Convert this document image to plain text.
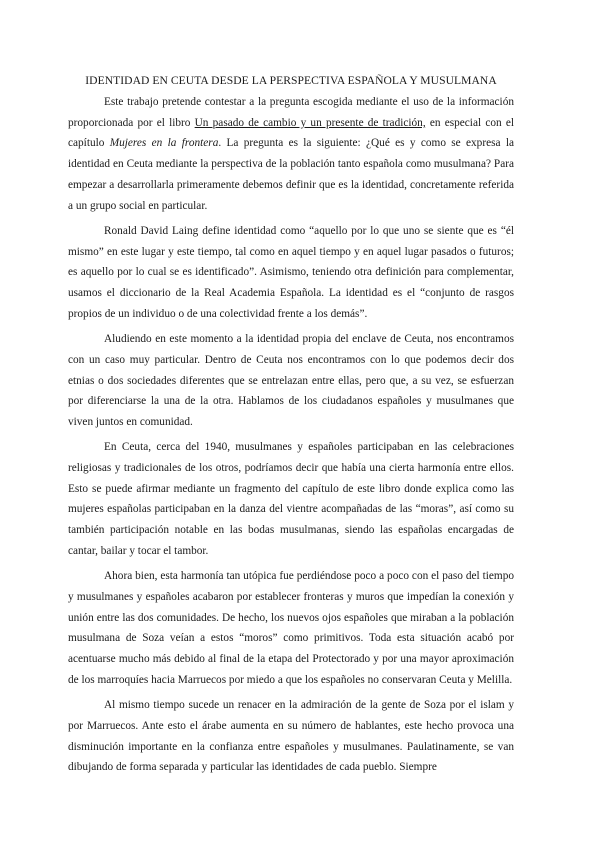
IDENTIDAD EN CEUTA DESDE LA PERSPECTIVA ESPAÑOLA Y MUSULMANA

Este trabajo pretende contestar a la pregunta escogida mediante el uso de la información proporcionada por el libro Un pasado de cambio y un presente de tradición, en especial con el capítulo Mujeres en la frontera. La pregunta es la siguiente: ¿Qué es y como se expresa la identidad en Ceuta mediante la perspectiva de la población tanto española como musulmana? Para empezar a desarrollarla primeramente debemos definir que es la identidad, concretamente referida a un grupo social en particular.

Ronald David Laing define identidad como “aquello por lo que uno se siente que es “él mismo” en este lugar y este tiempo, tal como en aquel tiempo y en aquel lugar pasados o futuros; es aquello por lo cual se es identificado”. Asimismo, teniendo otra definición para complementar, usamos el diccionario de la Real Academia Española. La identidad es el “conjunto de rasgos propios de un individuo o de una colectividad frente a los demás”.

Aludiendo en este momento a la identidad propia del enclave de Ceuta, nos encontramos con un caso muy particular. Dentro de Ceuta nos encontramos con lo que podemos decir dos etnias o dos sociedades diferentes que se entrelazan entre ellas, pero que, a su vez, se esfuerzan por diferenciarse la una de la otra. Hablamos de los ciudadanos españoles y musulmanes que viven juntos en comunidad.

En Ceuta, cerca del 1940, musulmanes y españoles participaban en las celebraciones religiosas y tradicionales de los otros, podríamos decir que había una cierta harmonía entre ellos. Esto se puede afirmar mediante un fragmento del capítulo de este libro donde explica como las mujeres españolas participaban en la danza del vientre acompañadas de las “moras”, así como su también participación notable en las bodas musulmanas, siendo las españolas encargadas de cantar, bailar y tocar el tambor.

Ahora bien, esta harmonía tan utópica fue perdiéndose poco a poco con el paso del tiempo y musulmanes y españoles acabaron por establecer fronteras y muros que impedían la conexión y unión entre las dos comunidades. De hecho, los nuevos ojos españoles que miraban a la población musulmana de Soza veían a estos “moros” como primitivos. Toda esta situación acabó por acentuarse mucho más debido al final de la etapa del Protectorado y por una mayor aproximación de los marroquíes hacia Marruecos por miedo a que los españoles no conservaran Ceuta y Melilla.

Al mismo tiempo sucede un renacer en la admiración de la gente de Soza por el islam y por Marruecos. Ante esto el árabe aumenta en su número de hablantes, este hecho provoca una disminución importante en la confianza entre españoles y musulmanes. Paulatinamente, se van dibujando de forma separada y particular las identidades de cada pueblo. Siempre
